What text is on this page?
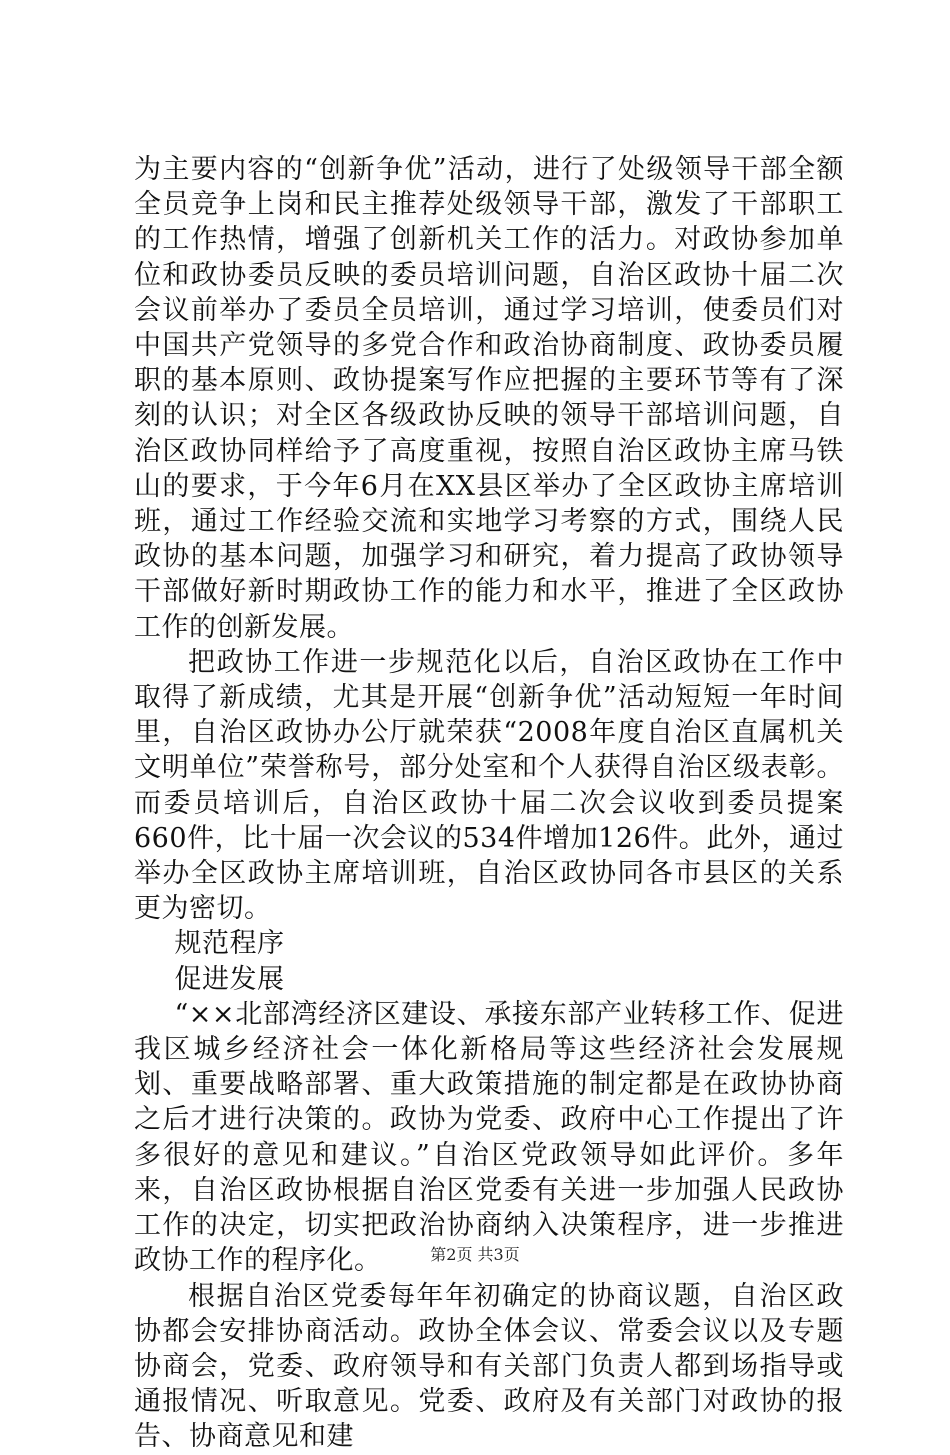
为主要内容的“创新争优”活动，进行了处级领导干部全额全员竞争上岗和民主推荐处级领导干部，激发了干部职工的工作热情，增强了创新机关工作的活力。对政协参加单位和政协委员反映的委员培训问题，自治区政协十届二次会议前举办了委员全员培训，通过学习培训，使委员们对中国共产党领导的多党合作和政治协商制度、政协委员履职的基本原则、政协提案写作应把握的主要环节等有了深刻的认识；对全区各级政协反映的领导干部培训问题，自治区政协同样给予了高度重视，按照自治区政协主席马铁山的要求，于今年6月在XX县区举办了全区政协主席培训班，通过工作经验交流和实地学习考察的方式，围绕人民政协的基本问题，加强学习和研究，着力提高了政协领导干部做好新时期政协工作的能力和水平，推进了全区政协工作的创新发展。

把政协工作进一步规范化以后，自治区政协在工作中取得了新成绩，尤其是开展“创新争优”活动短短一年时间里，自治区政协办公厅就荣获“2008年度自治区直属机关文明单位”荣誉称号，部分处室和个人获得自治区级表彰。而委员培训后，自治区政协十届二次会议收到委员提案660件，比十届一次会议的534件增加126件。此外，通过举办全区政协主席培训班，自治区政协同各市县区的关系更为密切。

规范程序

促进发展

“××北部湾经济区建设、承接东部产业转移工作、促进我区城乡经济社会一体化新格局等这些经济社会发展规划、重要战略部署、重大政策措施的制定都是在政协协商之后才进行决策的。政协为党委、政府中心工作提出了许多很好的意见和建议。”自治区党政领导如此评价。多年来，自治区政协根据自治区党委有关进一步加强人民政协工作的决定，切实把政治协商纳入决策程序，进一步推进政协工作的程序化。

根据自治区党委每年年初确定的协商议题，自治区政协都会安排协商活动。政协全体会议、常委会议以及专题协商会，党委、政府领导和有关部门负责人都到场指导或通报情况、听取意见。党委、政府及有关部门对政协的报告、协商意见和建

第2页 共3页
